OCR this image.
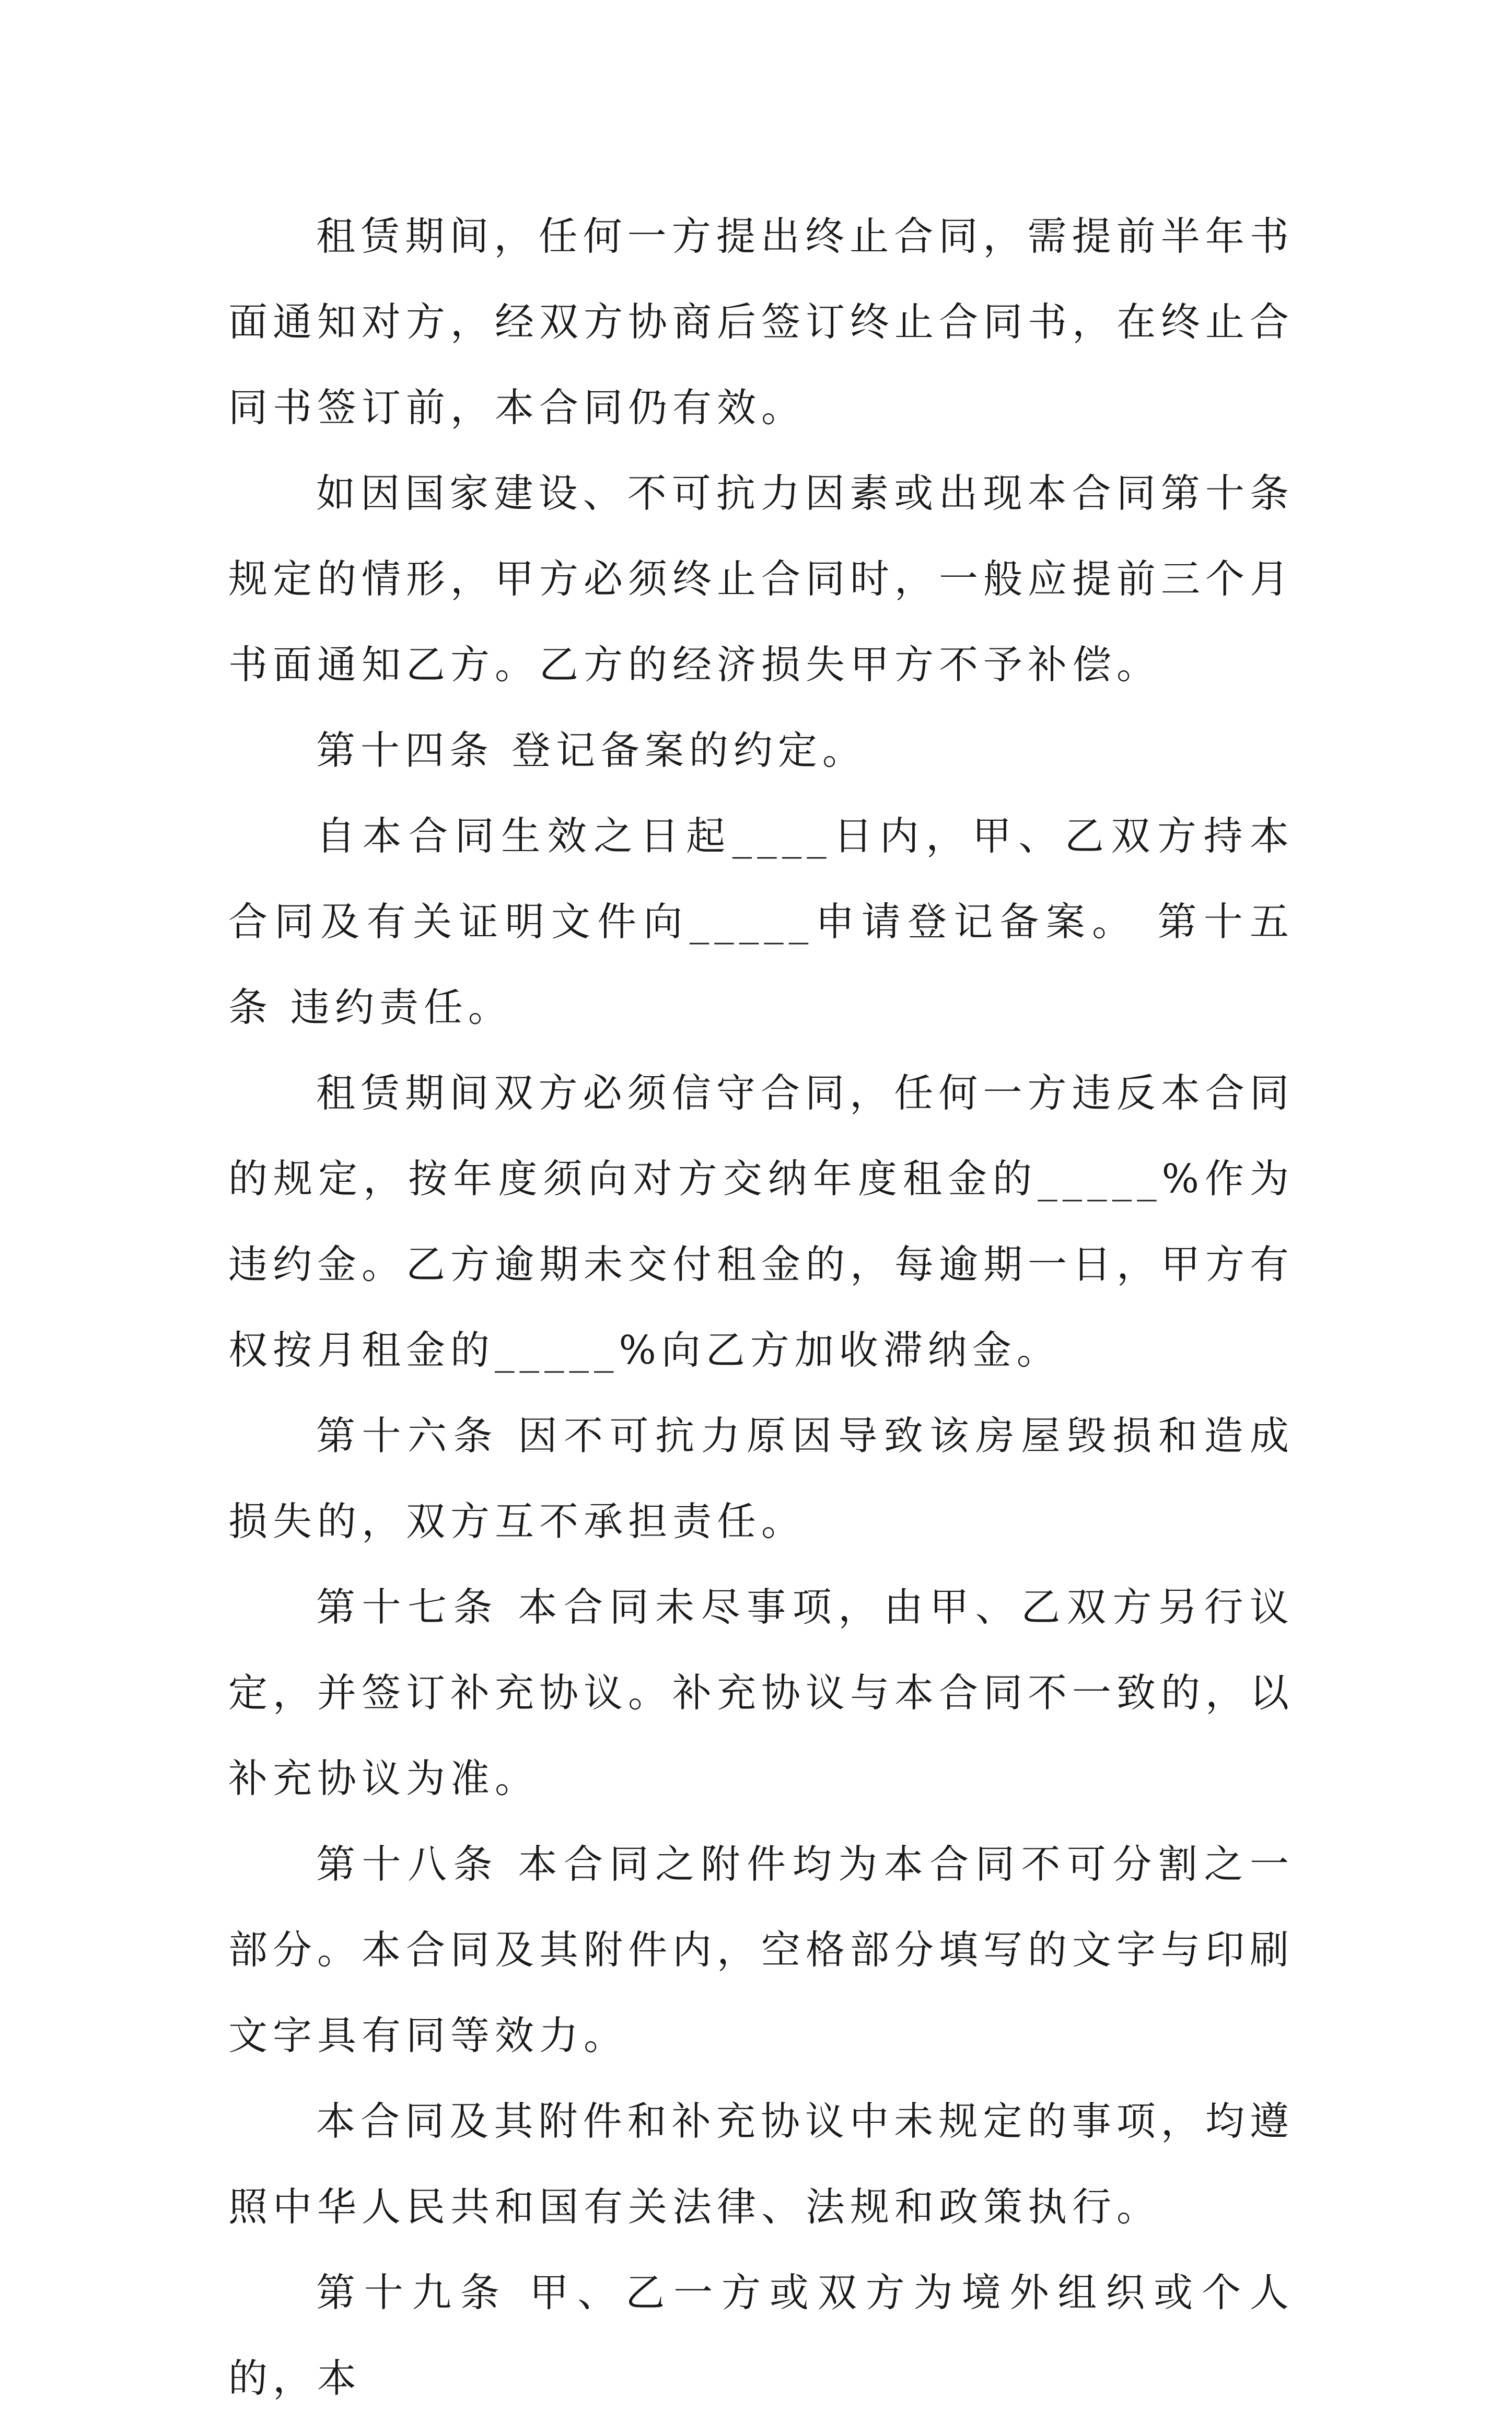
租赁期间，任何一方提出终止合同，需提前半年书面通知对方，经双方协商后签订终止合同书，在终止合同书签订前，本合同仍有效。

如因国家建设、不可抗力因素或出现本合同第十条规定的情形，甲方必须终止合同时，一般应提前三个月书面通知乙方。乙方的经济损失甲方不予补偿。

第十四条 登记备案的约定。

自本合同生效之日起____日内，甲、乙双方持本合同及有关证明文件向_____申请登记备案。 第十五条 违约责任。

租赁期间双方必须信守合同，任何一方违反本合同的规定，按年度须向对方交纳年度租金的_____%作为违约金。乙方逾期未交付租金的，每逾期一日，甲方有权按月租金的_____%向乙方加收滞纳金。

第十六条 因不可抗力原因导致该房屋毁损和造成损失的，双方互不承担责任。

第十七条 本合同未尽事项，由甲、乙双方另行议定，并签订补充协议。补充协议与本合同不一致的，以补充协议为准。

第十八条 本合同之附件均为本合同不可分割之一部分。本合同及其附件内，空格部分填写的文字与印刷文字具有同等效力。

本合同及其附件和补充协议中未规定的事项，均遵照中华人民共和国有关法律、法规和政策执行。

第十九条 甲、乙一方或双方为境外组织或个人的，本
